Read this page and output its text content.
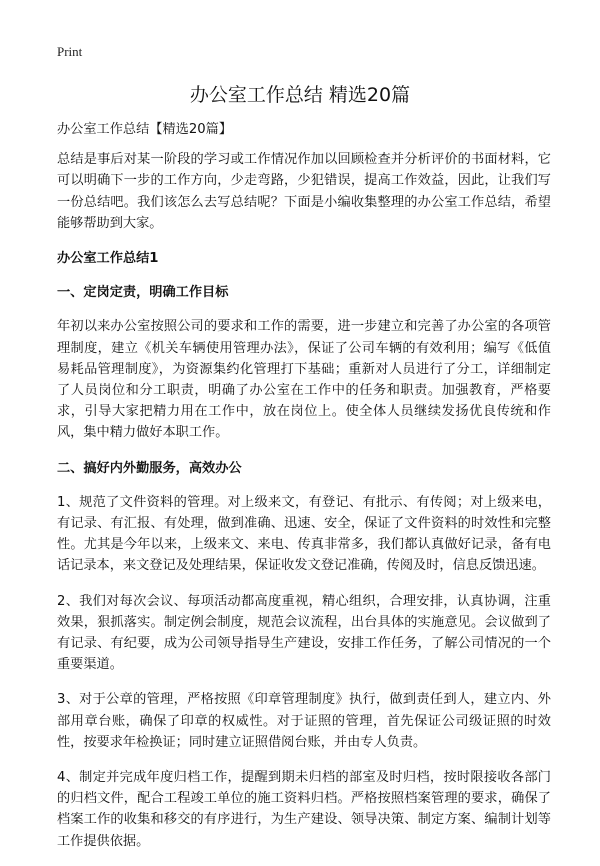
Print
办公室工作总结 精选20篇

办公室工作总结【精选20篇】

总结是事后对某一阶段的学习或工作情况作加以回顾检查并分析评价的书面材料，它可以明确下一步的工作方向，少走弯路，少犯错误，提高工作效益，因此，让我们写一份总结吧。我们该怎么去写总结呢？下面是小编收集整理的办公室工作总结，希望能够帮助到大家。

办公室工作总结1

一、定岗定责，明确工作目标

年初以来办公室按照公司的要求和工作的需要，进一步建立和完善了办公室的各项管理制度，建立《机关车辆使用管理办法》，保证了公司车辆的有效利用；编写《低值易耗品管理制度》，为资源集约化管理打下基础；重新对人员进行了分工，详细制定了人员岗位和分工职责，明确了办公室在工作中的任务和职责。加强教育，严格要求，引导大家把精力用在工作中，放在岗位上。使全体人员继续发扬优良传统和作风，集中精力做好本职工作。

二、搞好内外勤服务，高效办公

1、规范了文件资料的管理。对上级来文，有登记、有批示、有传阅；对上级来电，有记录、有汇报、有处理，做到准确、迅速、安全，保证了文件资料的时效性和完整性。尤其是今年以来，上级来文、来电、传真非常多，我们都认真做好记录，备有电话记录本，来文登记及处理结果，保证收发文登记准确，传阅及时，信息反馈迅速。

2、我们对每次会议、每项活动都高度重视，精心组织，合理安排，认真协调，注重效果，狠抓落实。制定例会制度，规范会议流程，出台具体的实施意见。会议做到了有记录、有纪要，成为公司领导指导生产建设，安排工作任务，了解公司情况的一个重要渠道。

3、对于公章的管理，严格按照《印章管理制度》执行，做到责任到人，建立内、外部用章台账，确保了印章的权威性。对于证照的管理，首先保证公司级证照的时效性，按要求年检换证；同时建立证照借阅台账，并由专人负责。

4、制定并完成年度归档工作，提醒到期未归档的部室及时归档，按时限接收各部门的归档文件，配合工程竣工单位的施工资料归档。严格按照档案管理的要求，确保了档案工作的收集和移交的有序进行，为生产建设、领导决策、制定方案、编制计划等工作提供依据。
